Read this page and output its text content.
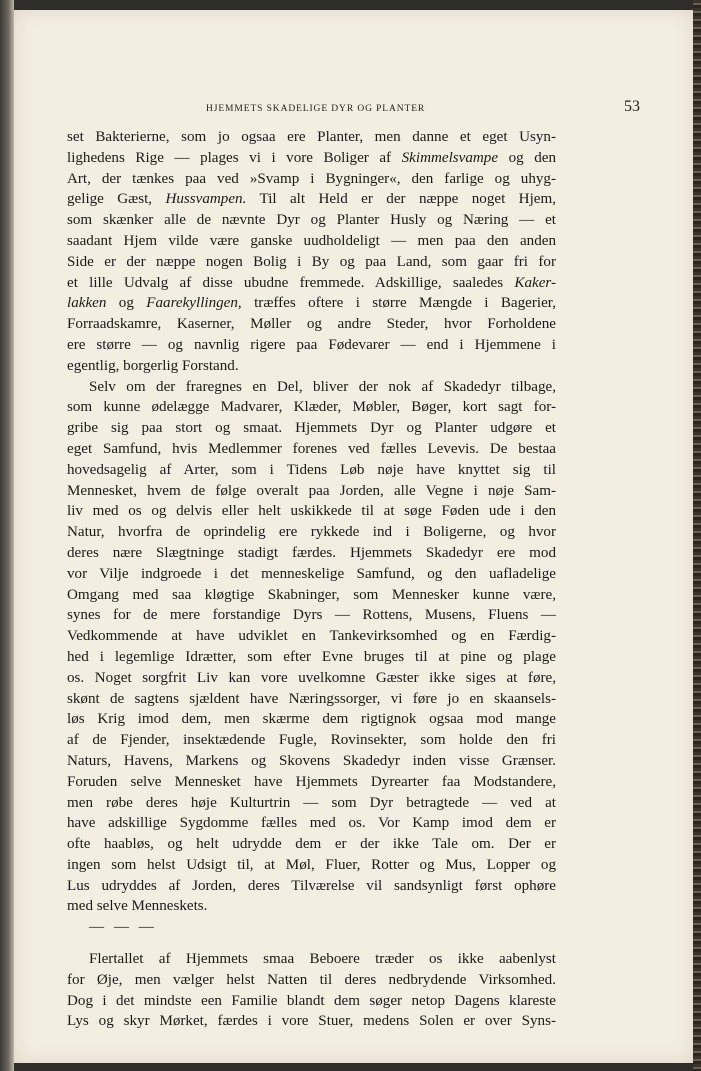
HJEMMETS SKADELIGE DYR OG PLANTER	53
set Bakterierne, som jo ogsaa ere Planter, men danne et eget Usyn-
lighedens Rige — plages vi i vore Boliger af Skimmelsvampe og den
Art, der tænkes paa ved »Svamp i Bygninger«, den farlige og uhyg-
gelige Gæst, Hussvampen. Til alt Held er der næppe noget Hjem,
som skænker alle de nævnte Dyr og Planter Husly og Næring — et
saadant Hjem vilde være ganske uudholdeligt — men paa den anden
Side er der næppe nogen Bolig i By og paa Land, som gaar fri for
et lille Udvalg af disse ubudne fremmede. Adskillige, saaledes Kaker-
lakken og Faarekyllingen, træffes oftere i større Mængde i Bagerier,
Forraadskamre, Kaserner, Møller og andre Steder, hvor Forholdene
ere større — og navnlig rigere paa Fødevarer — end i Hjemmene i
egentlig, borgerlig Forstand.
Selv om der fraregnes en Del, bliver der nok af Skadedyr tilbage,
som kunne ødelægge Madvarer, Klæder, Møbler, Bøger, kort sagt for-
gribe sig paa stort og smaat. Hjemmets Dyr og Planter udgøre et
eget Samfund, hvis Medlemmer forenes ved fælles Levevis. De bestaa
hovedsagelig af Arter, som i Tidens Løb nøje have knyttet sig til
Mennesket, hvem de følge overalt paa Jorden, alle Vegne i nøje Sam-
liv med os og delvis eller helt uskikkede til at søge Føden ude i den
Natur, hvorfra de oprindelig ere rykkede ind i Boligerne, og hvor
deres nære Slægtninge stadigt færdes. Hjemmets Skadedyr ere mod
vor Vilje indgroede i det menneskelige Samfund, og den uafladelige
Omgang med saa kløgtige Skabninger, som Mennesker kunne være,
synes for de mere forstandige Dyrs — Rottens, Musens, Fluens —
Vedkommende at have udviklet en Tankevirksomhed og en Færdig-
hed i legemlige Idrætter, som efter Evne bruges til at pine og plage
os. Noget sorgfrit Liv kan vore uvelkomne Gæster ikke siges at føre,
skønt de sagtens sjældent have Næringssorger, vi føre jo en skaansels-
løs Krig imod dem, men skærme dem rigtignok ogsaa mod mange
af de Fjender, insektædende Fugle, Rovinsekter, som holde den fri
Naturs, Havens, Markens og Skovens Skadedyr inden visse Grænser.
Foruden selve Mennesket have Hjemmets Dyrearter faa Modstandere,
men røbe deres høje Kulturtrin — som Dyr betragtede — ved at
have adskillige Sygdomme fælles med os. Vor Kamp imod dem er
ofte haabløs, og helt udrydde dem er der ikke Tale om. Der er
ingen som helst Udsigt til, at Møl, Fluer, Rotter og Mus, Lopper og
Lus udryddes af Jorden, deres Tilværelse vil sandsynligt først ophøre
med selve Menneskets.
— — —
Flertallet af Hjemmets smaa Beboere træder os ikke aabenlyst
for Øje, men vælger helst Natten til deres nedbrydende Virksomhed.
Dog i det mindste een Familie blandt dem søger netop Dagens klareste
Lys og skyr Mørket, færdes i vore Stuer, medens Solen er over Syns-
